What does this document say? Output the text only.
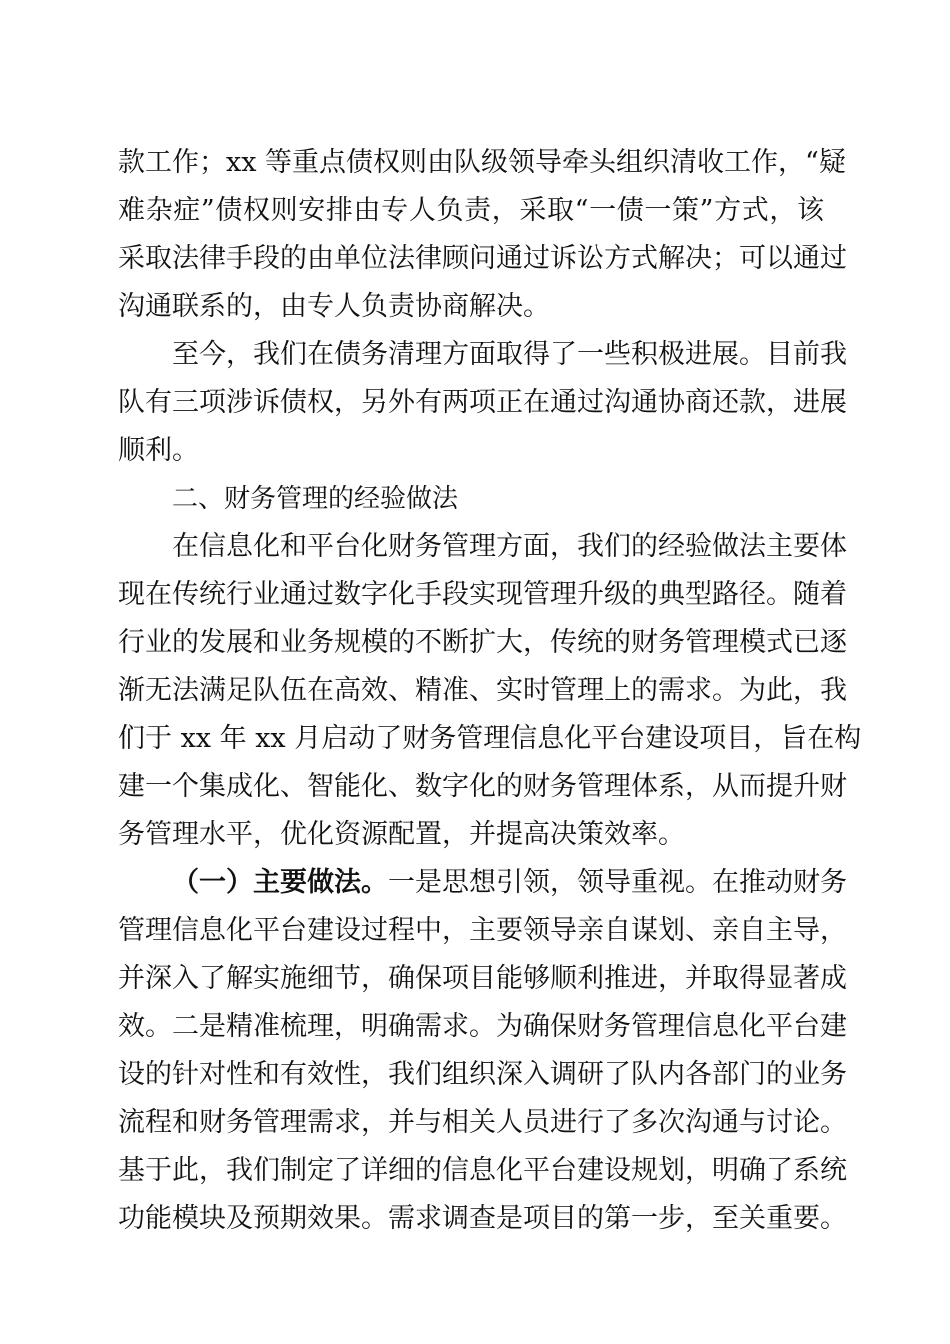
款工作；xx 等重点债权则由队级领导牵头组织清收工作，“疑
难杂症”债权则安排由专人负责，采取“一债一策”方式，该
采取法律手段的由单位法律顾问通过诉讼方式解决；可以通过
沟通联系的，由专人负责协商解决。
至今，我们在债务清理方面取得了一些积极进展。目前我
队有三项涉诉债权，另外有两项正在通过沟通协商还款，进展
顺利。
二、财务管理的经验做法
在信息化和平台化财务管理方面，我们的经验做法主要体
现在传统行业通过数字化手段实现管理升级的典型路径。随着
行业的发展和业务规模的不断扩大，传统的财务管理模式已逐
渐无法满足队伍在高效、精准、实时管理上的需求。为此，我
们于 xx 年 xx 月启动了财务管理信息化平台建设项目，旨在构
建一个集成化、智能化、数字化的财务管理体系，从而提升财
务管理水平，优化资源配置，并提高决策效率。
（一）主要做法。一是思想引领，领导重视。在推动财务
管理信息化平台建设过程中，主要领导亲自谋划、亲自主导，
并深入了解实施细节，确保项目能够顺利推进，并取得显著成
效。二是精准梳理，明确需求。为确保财务管理信息化平台建
设的针对性和有效性，我们组织深入调研了队内各部门的业务
流程和财务管理需求，并与相关人员进行了多次沟通与讨论。
基于此，我们制定了详细的信息化平台建设规划，明确了系统
功能模块及预期效果。需求调查是项目的第一步，至关重要。
